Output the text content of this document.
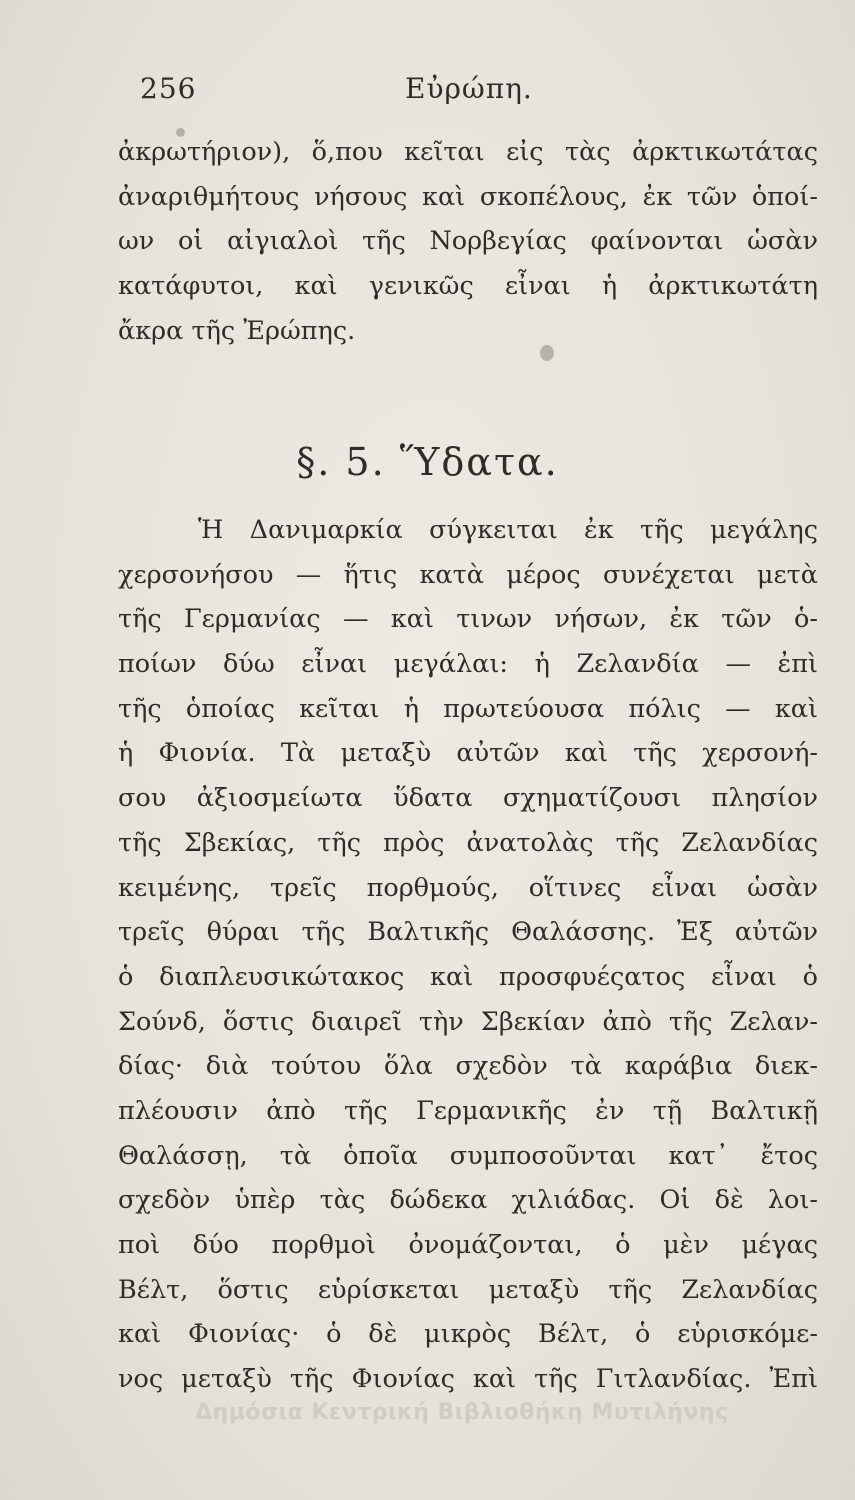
256	Εὐρώπη.
ἀκρωτήριον), ὅ,που κεῖται εἰς τὰς ἀρκτικωτάτας
ἀναριθμήτους νήσους καὶ σκοπέλους, ἐκ τῶν ὁποί-
ων οἱ αἰγιαλοὶ τῆς Νορβεγίας φαίνονται ὡσὰν
κατάφυτοι, καὶ γενικῶς εἶναι ἡ ἀρκτικωτάτη
ἄκρα τῆς Ἐρώπης.
§. 5. Ὕδατα.
Ἡ Δανιμαρκία σύγκειται ἐκ τῆς μεγάλης
χερσονήσου — ἥτις κατὰ μέρος συνέχεται μετὰ
τῆς Γερμανίας — καὶ τινων νήσων, ἐκ τῶν ὁ-
ποίων δύω εἶναι μεγάλαι: ἡ Ζελανδία — ἐπὶ
τῆς ὁποίας κεῖται ἡ πρωτεύουσα πόλις — καὶ
ἡ Φιονία. Τὰ μεταξὺ αὐτῶν καὶ τῆς χερσονή-
σου ἀξιοσμείωτα ὕδατα σχηματίζουσι πλησίον
τῆς Σβεκίας, τῆς πρὸς ἀνατολὰς τῆς Ζελανδίας
κειμένης, τρεῖς πορθμούς, οἵτινες εἶναι ὡσὰν
τρεῖς θύραι τῆς Βαλτικῆς Θαλάσσης. Ἐξ αὐτῶν
ὁ διαπλευσικώτακος καὶ προσφυέςατος εἶναι ὁ
Σούνδ, ὅστις διαιρεῖ τὴν Σβεκίαν ἀπὸ τῆς Ζελαν-
δίας· διὰ τούτου ὅλα σχεδὸν τὰ καράβια διεκ-
πλέουσιν ἀπὸ τῆς Γερμανικῆς ἐν τῇ Βαλτικῇ
Θαλάσσῃ, τὰ ὁποῖα συμποσοῦνται κατ᾽ ἔτος
σχεδὸν ὑπὲρ τὰς δώδεκα χιλιάδας. Οἱ δὲ λοι-
ποὶ δύο πορθμοὶ ὀνομάζονται, ὁ μὲν μέγας
Βέλτ, ὅστις εὑρίσκεται μεταξὺ τῆς Ζελανδίας
καὶ Φιονίας· ὁ δὲ μικρὸς Βέλτ, ὁ εὑρισκόμε-
νος μεταξὺ τῆς Φιονίας καὶ τῆς Γιτλανδίας. Ἐπὶ
Δημόσια Κεντρική Βιβλιοθήκη Μυτιλήνης
